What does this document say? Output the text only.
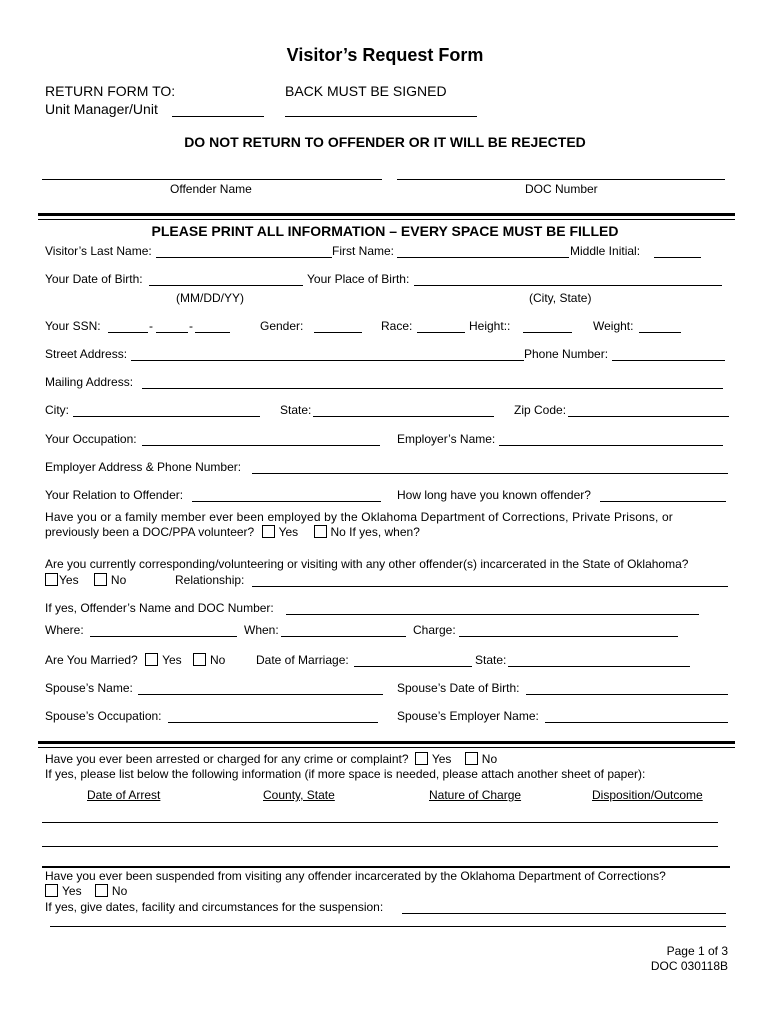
Visitor’s Request Form
RETURN FORM TO:
Unit Manager/Unit
BACK MUST BE SIGNED
DO NOT RETURN TO OFFENDER OR IT WILL BE REJECTED
Offender Name	DOC Number
PLEASE PRINT ALL INFORMATION – EVERY SPACE MUST BE FILLED
Visitor’s Last Name:	First Name:	Middle Initial:
Your Date of Birth:	Your Place of Birth:
(MM/DD/YY)	(City, State)
Your SSN:	-	-	Gender:	Race:	Height::	Weight:
Street Address:	Phone Number:
Mailing Address:
City:	State:	Zip Code:
Your Occupation:	Employer’s Name:
Employer Address & Phone Number:
Your Relation to Offender:	How long have you known offender?
Have you or a family member ever been employed by the Oklahoma Department of Corrections, Private Prisons, or
previously been a DOC/PPA volunteer? Yes	No If yes, when?
Are you currently corresponding/volunteering or visiting with any other offender(s) incarcerated in the State of Oklahoma?
Yes	No	Relationship:
If yes, Offender’s Name and DOC Number:
Where:	When:	Charge:
Are You Married? Yes No	Date of Marriage:	State:
Spouse’s Name:	Spouse’s Date of Birth:
Spouse’s Occupation:	Spouse’s Employer Name:
Have you ever been arrested or charged for any crime or complaint? Yes	No
If yes, please list below the following information (if more space is needed, please attach another sheet of paper):
Date of Arrest	County, State	Nature of Charge	Disposition/Outcome
Have you ever been suspended from visiting any offender incarcerated by the Oklahoma Department of Corrections?
Yes	No
If yes, give dates, facility and circumstances for the suspension:
Page 1 of 3
DOC 030118B
